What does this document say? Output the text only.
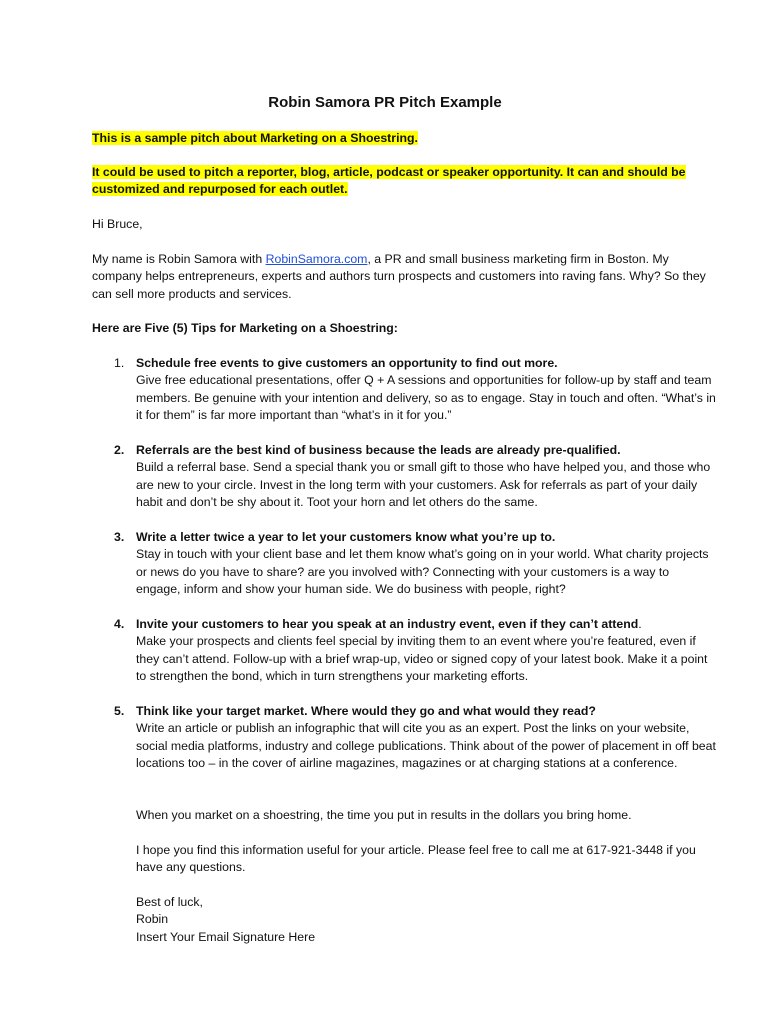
Robin Samora PR Pitch Example
This is a sample pitch about Marketing on a Shoestring.
It could be used to pitch a reporter, blog, article, podcast or speaker opportunity. It can and should be customized and repurposed for each outlet.

Hi Bruce,

My name is Robin Samora with RobinSamora.com, a PR and small business marketing firm in Boston. My company helps entrepreneurs, experts and authors turn prospects and customers into raving fans. Why? So they can sell more products and services.

Here are Five (5) Tips for Marketing on a Shoestring:

1. Schedule free events to give customers an opportunity to find out more.
Give free educational presentations, offer Q + A sessions and opportunities for follow-up by staff and team members. Be genuine with your intention and delivery, so as to engage. Stay in touch and often. “What’s in it for them” is far more important than “what’s in it for you.”
2. Referrals are the best kind of business because the leads are already pre-qualified.
Build a referral base. Send a special thank you or small gift to those who have helped you, and those who are new to your circle. Invest in the long term with your customers. Ask for referrals as part of your daily habit and don’t be shy about it. Toot your horn and let others do the same.
3. Write a letter twice a year to let your customers know what you’re up to.
Stay in touch with your client base and let them know what’s going on in your world. What charity projects or news do you have to share? are you involved with? Connecting with your customers is a way to engage, inform and show your human side. We do business with people, right?
4. Invite your customers to hear you speak at an industry event, even if they can’t attend.
Make your prospects and clients feel special by inviting them to an event where you’re featured, even if they can’t attend. Follow-up with a brief wrap-up, video or signed copy of your latest book. Make it a point to strengthen the bond, which in turn strengthens your marketing efforts.
5. Think like your target market. Where would they go and what would they read?
Write an article or publish an infographic that will cite you as an expert. Post the links on your website, social media platforms, industry and college publications. Think about of the power of placement in off beat locations too – in the cover of airline magazines, magazines or at charging stations at a conference.

When you market on a shoestring, the time you put in results in the dollars you bring home.

I hope you find this information useful for your article. Please feel free to call me at 617-921-3448 if you have any questions.

Best of luck,
Robin
Insert Your Email Signature Here
